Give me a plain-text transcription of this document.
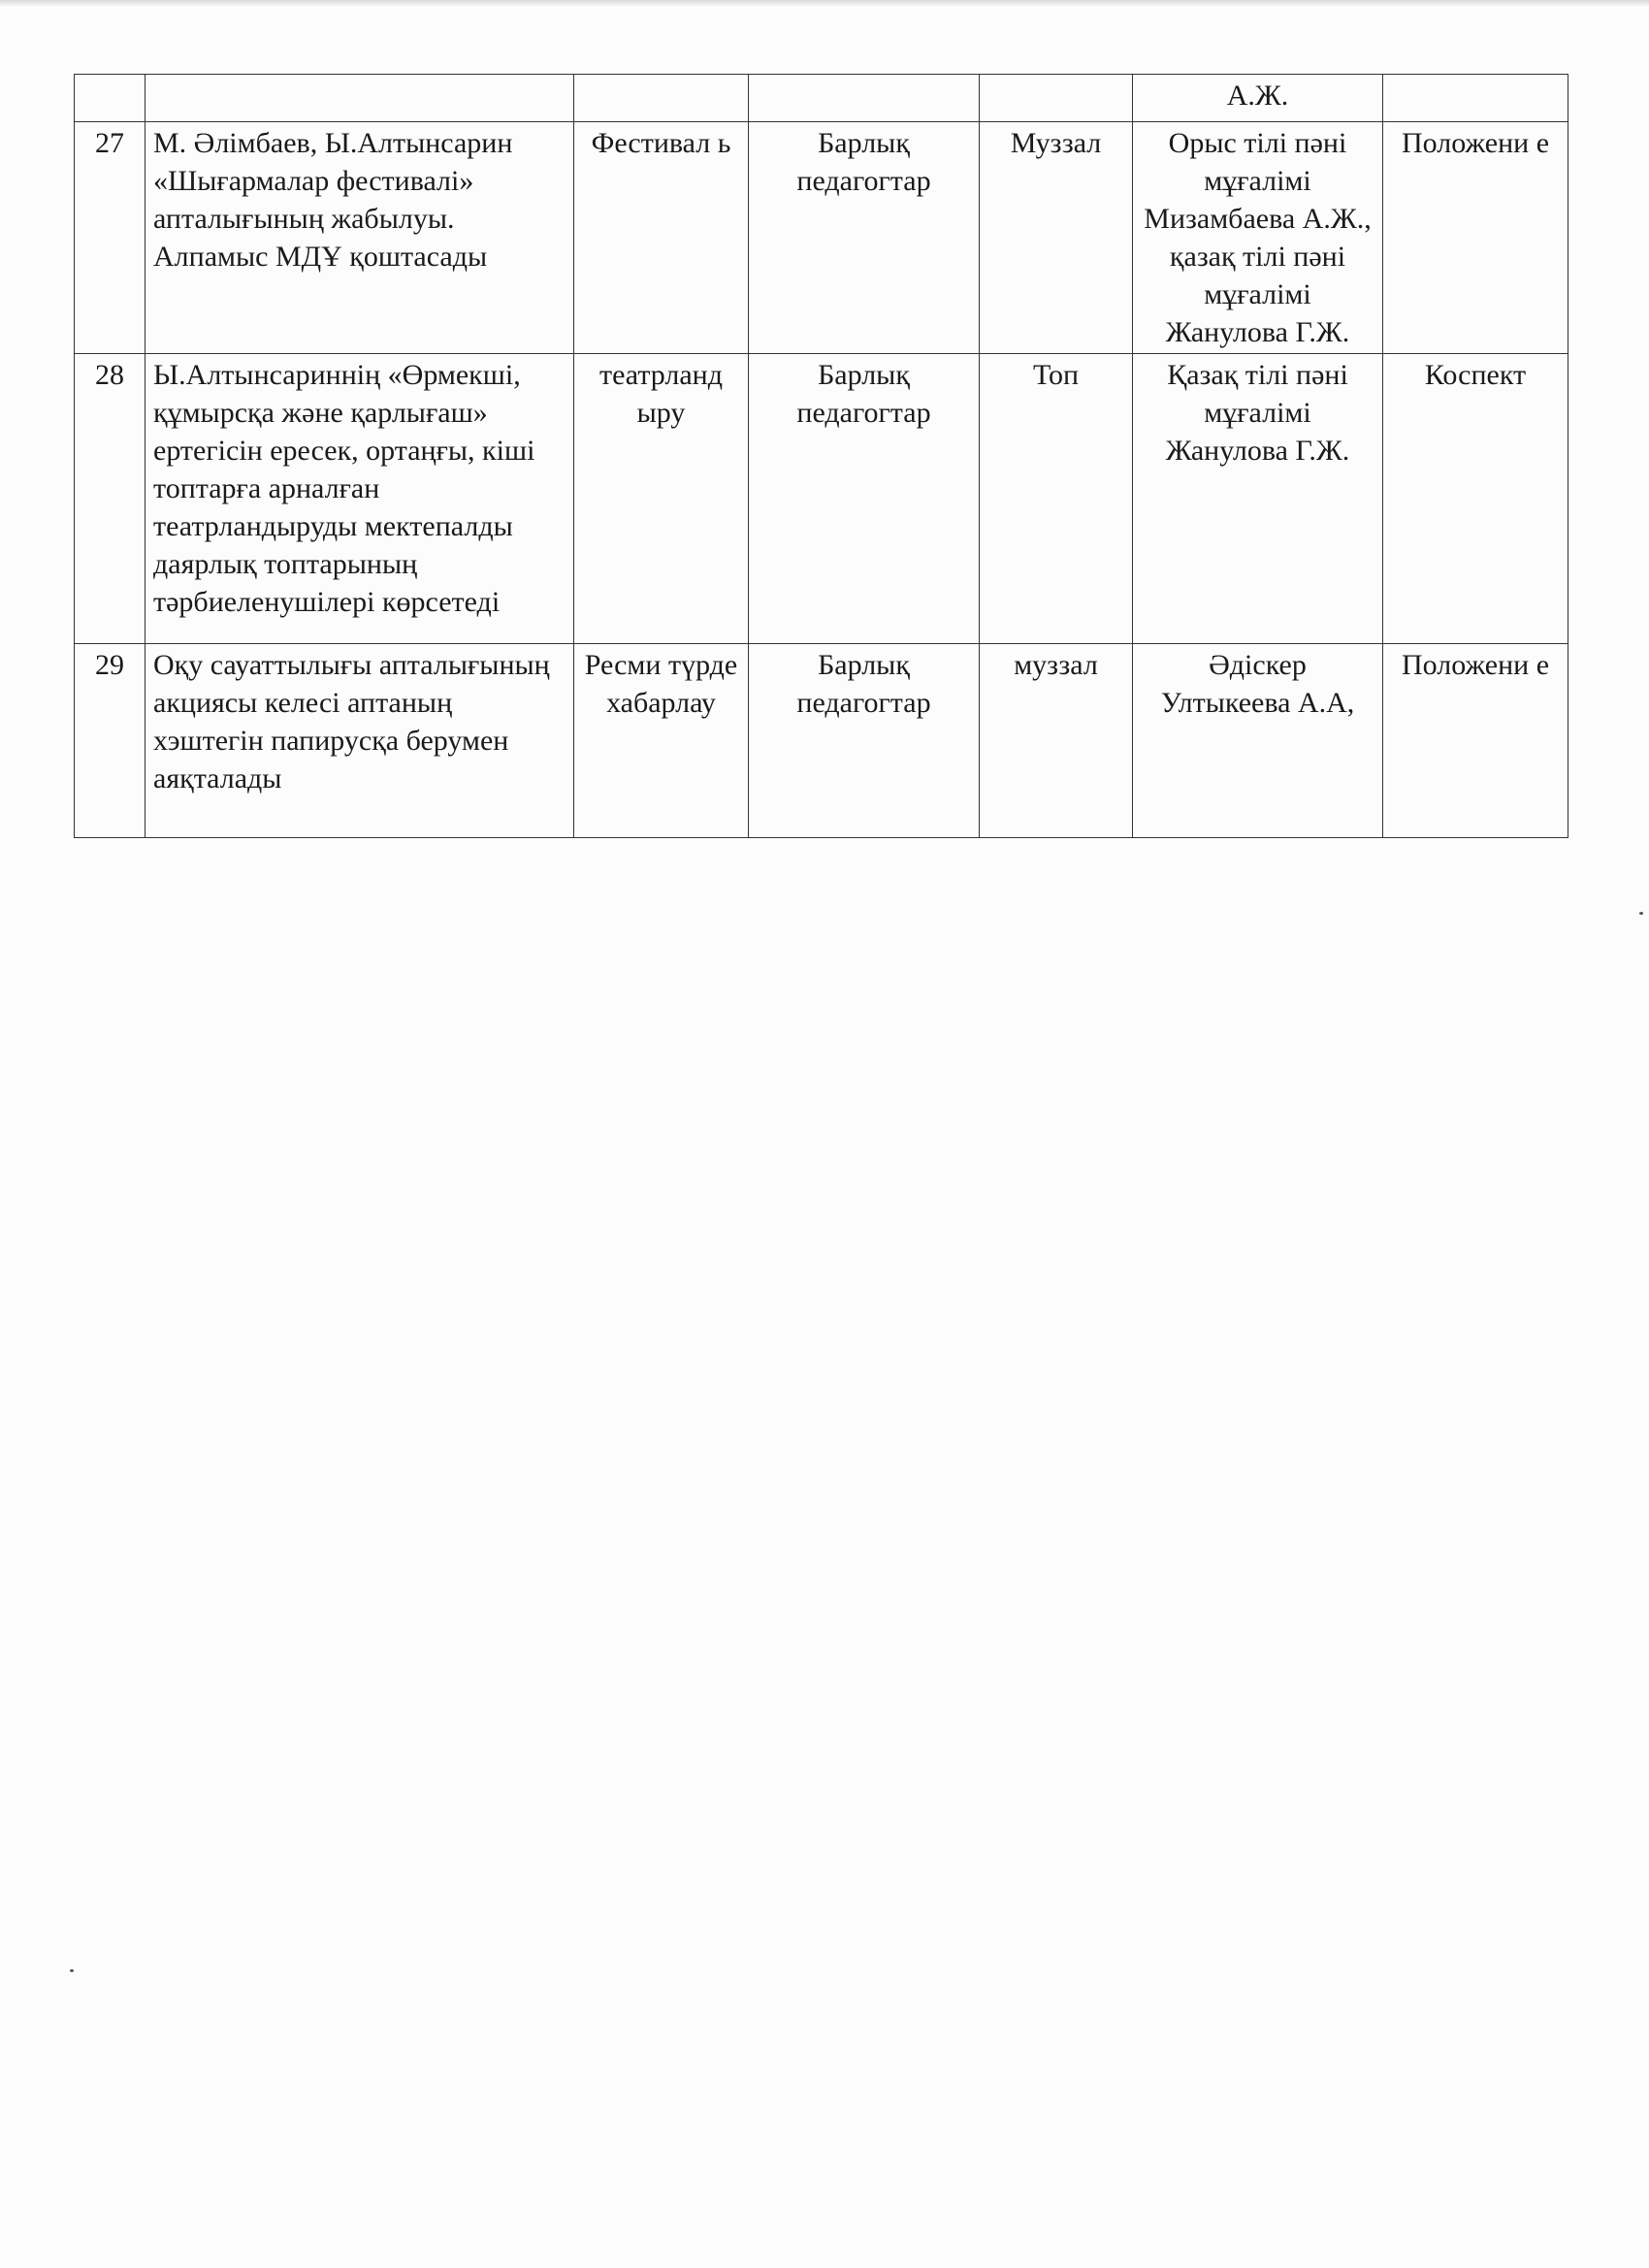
					А.Ж.	
27	М. Әлімбаев, Ы.Алтынсарин «Шығармалар фестивалі» апталығының жабылуы. Алпамыс МДҰ қоштасады	Фестивал ь	Барлық педагогтар	Муззал	Орыс тілі пәні мұғалімі Мизамбаева А.Ж., қазақ тілі пәні мұғалімі Жанулова Г.Ж.	Положени е
28	Ы.Алтынсариннің «Өрмекші, құмырсқа және қарлығаш» ертегісін ересек, ортаңғы, кіші топтарға арналған театрландыруды мектепалды даярлық топтарының тәрбиеленушілері көрсетеді	театрланд ыру	Барлық педагогтар	Топ	Қазақ тілі пәні мұғалімі Жанулова Г.Ж.	Коспект
29	Оқу сауаттылығы апталығының акциясы келесі аптаның хэштегін папирусқа берумен аяқталады	Ресми түрде хабарлау	Барлық педагогтар	муззал	Әдіскер Ултыкеева А.А,	Положени е
